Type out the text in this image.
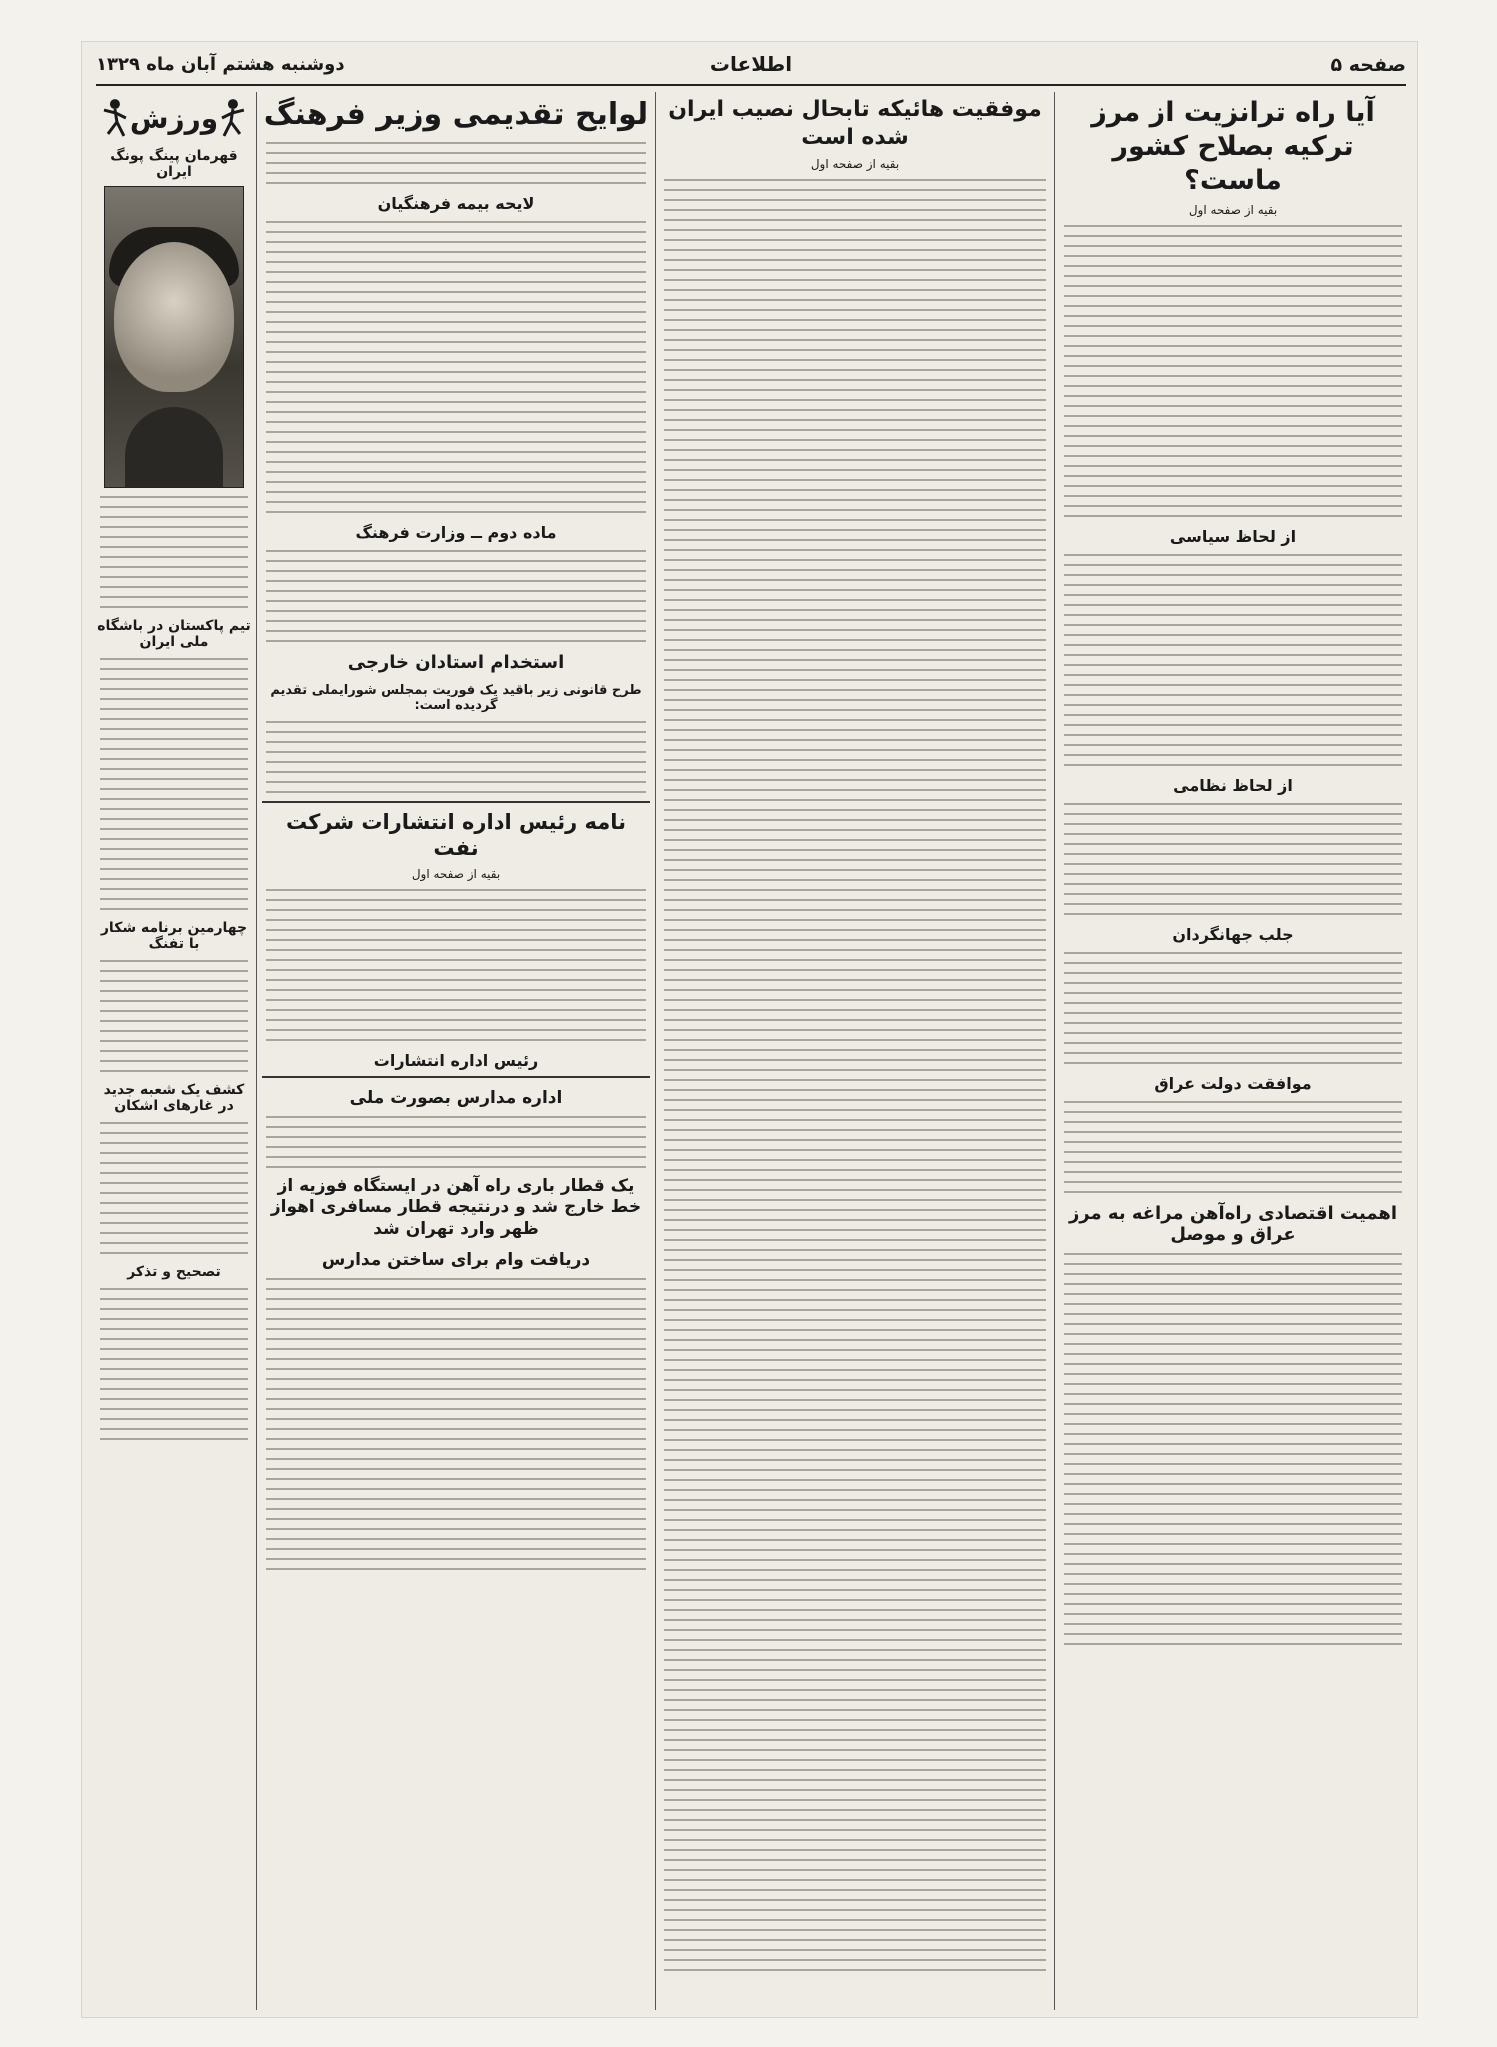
صفحه ۵
اطلاعات
دوشنبه هشتم آبان ماه ۱۳۲۹
آیا راه ترانزیت از مرز ترکیه بصلاح کشور ماست؟
بقیه از صفحه اول
از لحاظ سیاسی
از لحاظ نظامی
جلب جهانگردان
موافقت دولت عراق
اهمیت اقتصادی راه‌آهن مراغه به مرز عراق و موصل
موفقیت هائیکه تابحال نصیب ایران شده است
بقیه از صفحه اول
لوایح تقدیمی وزیر فرهنگ
لایحه بیمه فرهنگیان
ماده دوم ــ وزارت فرهنگ
استخدام استادان خارجی
طرح قانونی زیر باقید یک فوریت بمجلس شورایملی تقدیم گردیده است:
نامه رئیس اداره انتشارات شرکت نفت
بقیه از صفحه اول
رئیس اداره انتشارات
اداره مدارس بصورت ملی
یک قطار باری راه آهن در ایستگاه فوزیه از خط خارج شد و درنتیجه قطار مسافری اهواز ظهر وارد تهران شد
دریافت وام برای ساختن مدارس
ورزش
قهرمان پینگ پونگ ایران
تیم پاکستان در باشگاه ملی ایران
چهارمین برنامه شکار با تفنگ
کشف یک شعبه جدید در غارهای اشکان
تصحیح و تذکر
